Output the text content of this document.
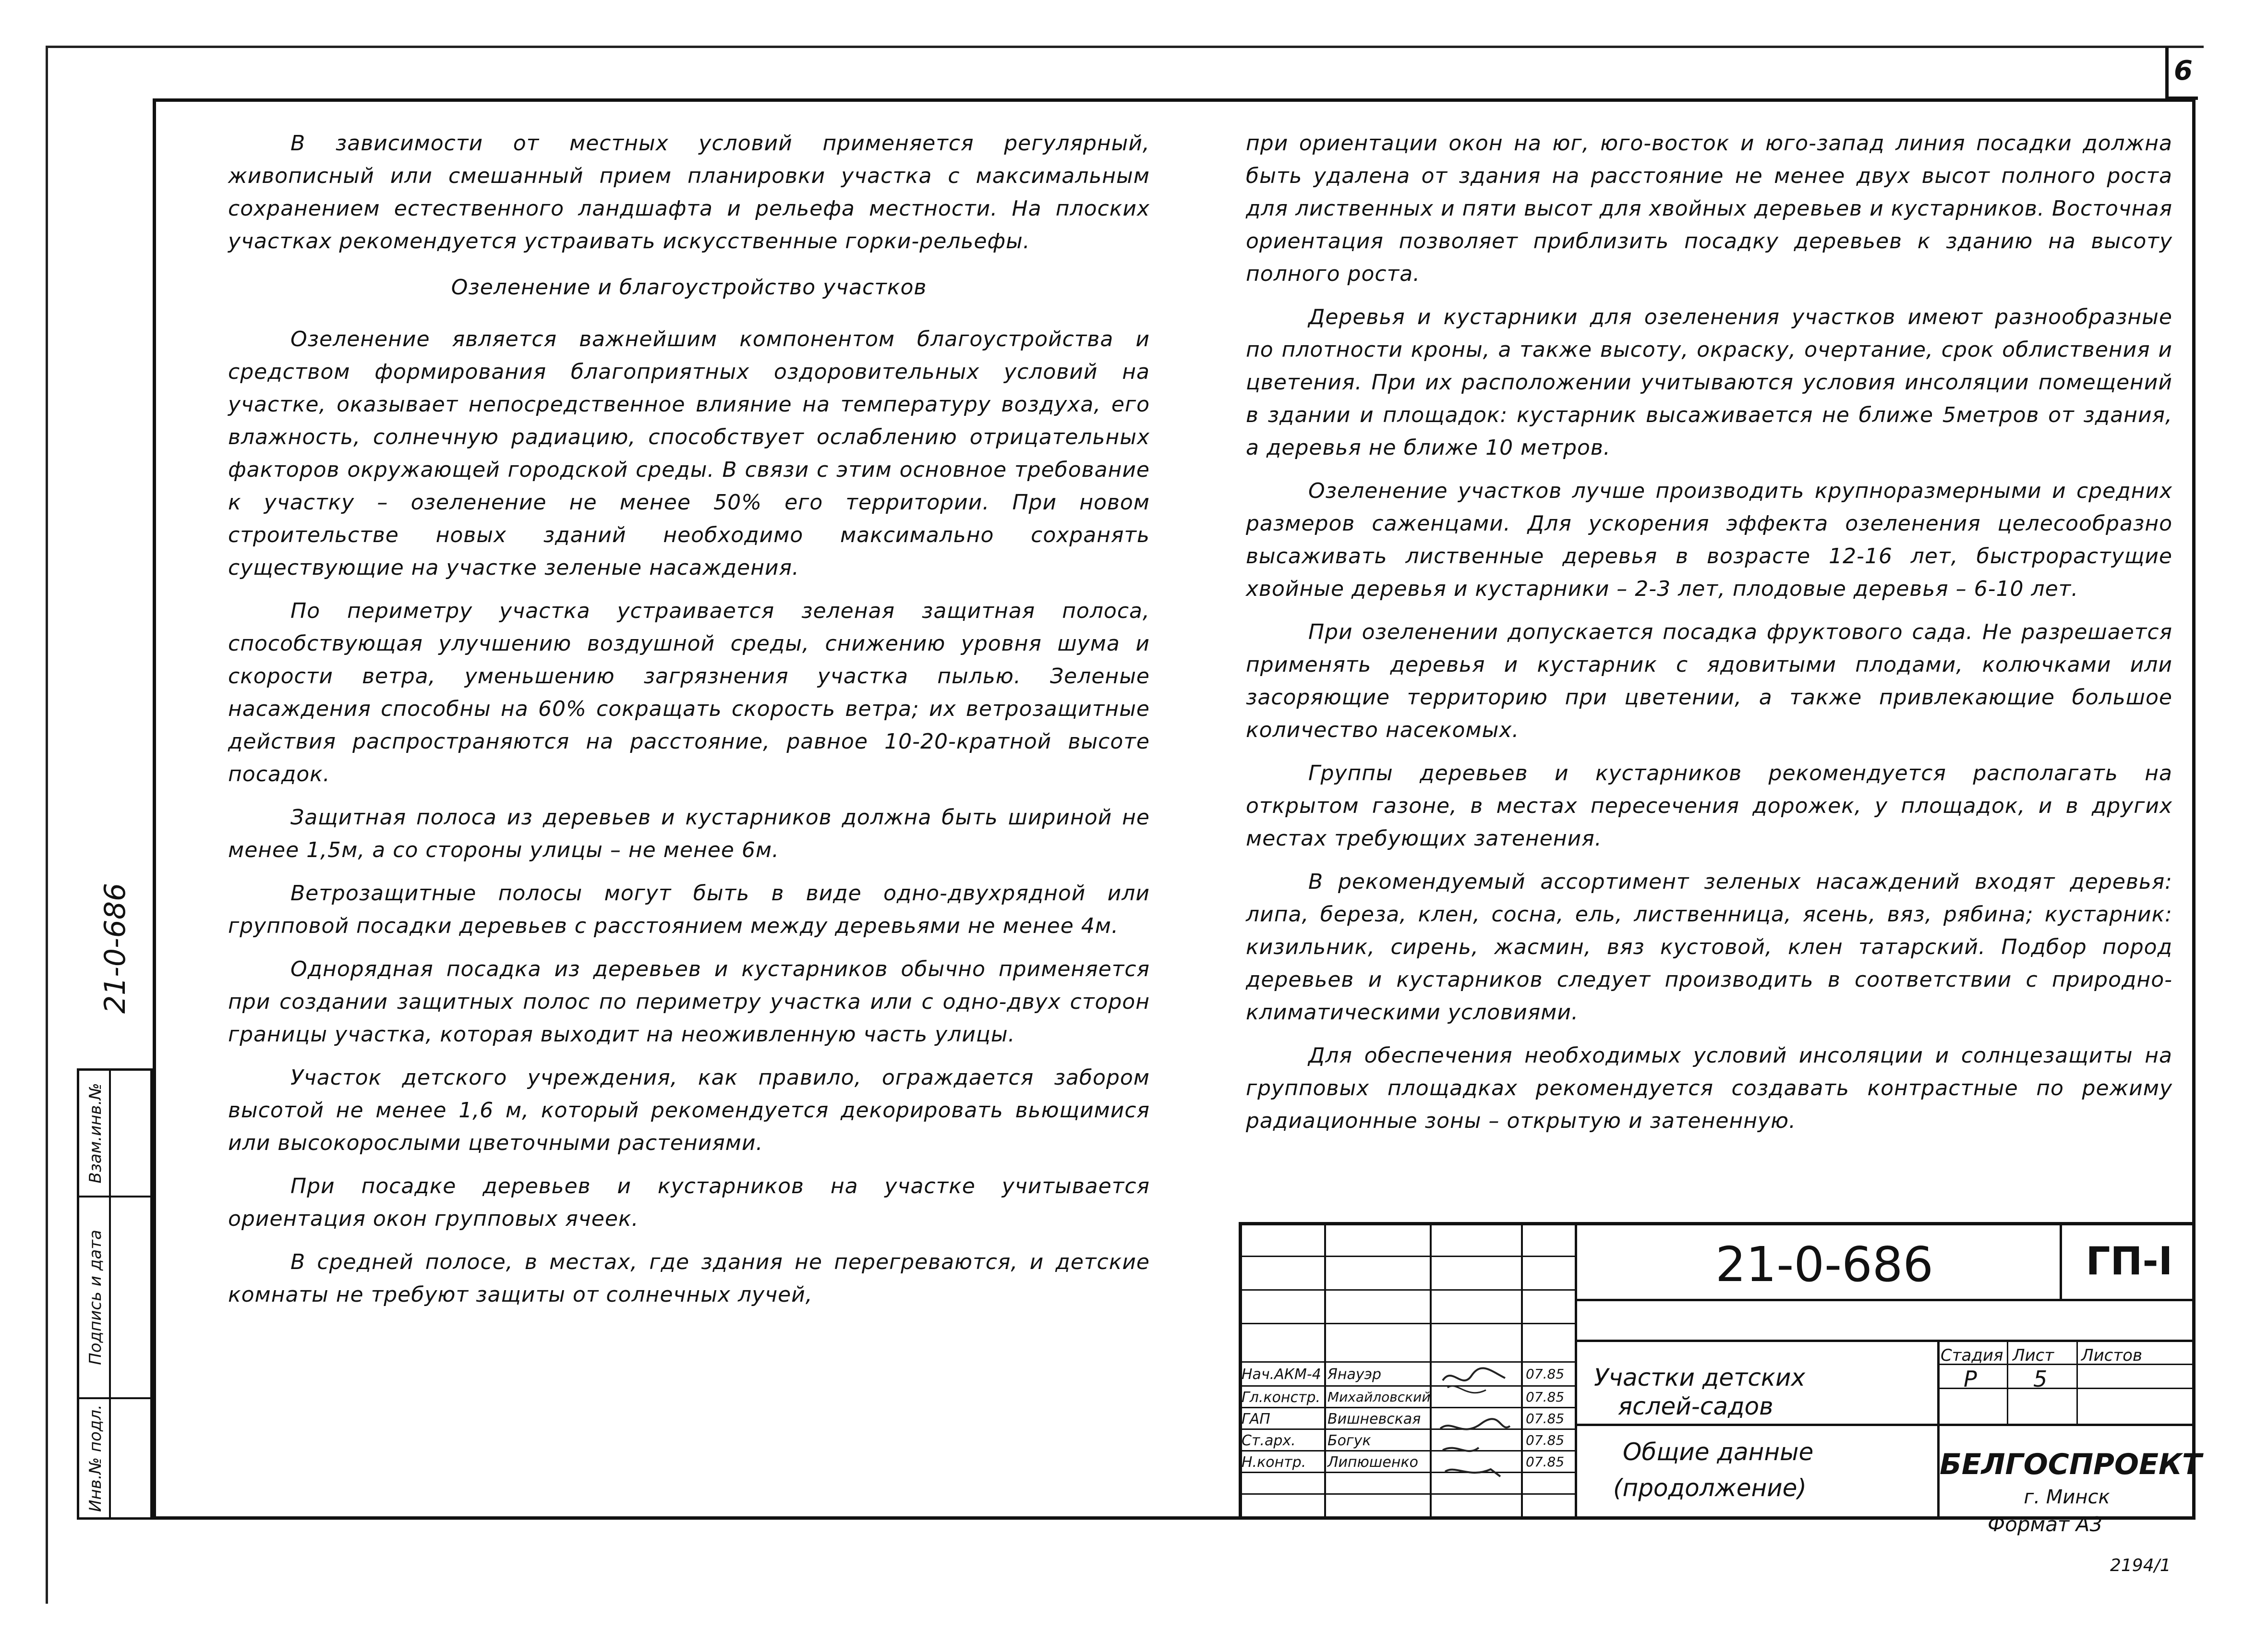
6
21-0-686
Взам.инв.№
Подпись и дата
Инв.№ подл.

В зависимости от местных условий применяется регулярный, живописный или смешанный прием планировки участка с максимальным сохранением естественного ландшафта и рельефа местности. На плоских участках рекомендуется устраивать искусственные горки-рельефы.

Озеленение и благоустройство участков

Озеленение является важнейшим компонентом благоустройства и средством формирования благоприятных оздоровительных условий на участке, оказывает непосредственное влияние на температуру воздуха, его влажность, солнечную радиацию, способствует ослаблению отрицательных факторов окружающей городской среды. В связи с этим основное требование к участку – озеленение не менее 50% его территории. При новом строительстве новых зданий необходимо максимально сохранять существующие на участке зеленые насаждения.

По периметру участка устраивается зеленая защитная полоса, способствующая улучшению воздушной среды, снижению уровня шума и скорости ветра, уменьшению загрязнения участка пылью. Зеленые насаждения способны на 60% сокращать скорость ветра; их ветрозащитные действия распространяются на расстояние, равное 10-20-кратной высоте посадок.

Защитная полоса из деревьев и кустарников должна быть шириной не менее 1,5м, а со стороны улицы – не менее 6м.

Ветрозащитные полосы могут быть в виде одно-двухрядной или групповой посадки деревьев с расстоянием между деревьями не менее 4м.

Однорядная посадка из деревьев и кустарников обычно применяется при создании защитных полос по периметру участка или с одно-двух сторон границы участка, которая выходит на неоживленную часть улицы.

Участок детского учреждения, как правило, ограждается забором высотой не менее 1,6 м, который рекомендуется декорировать вьющимися или высокорослыми цветочными растениями.

При посадке деревьев и кустарников на участке учитывается ориентация окон групповых ячеек.

В средней полосе, в местах, где здания не перегреваются, и детские комнаты не требуют защиты от солнечных лучей,

при ориентации окон на юг, юго-восток и юго-запад линия посадки должна быть удалена от здания на расстояние не менее двух высот полного роста для лиственных и пяти высот для хвойных деревьев и кустарников. Восточная ориентация позволяет приблизить посадку деревьев к зданию на высоту полного роста.

Деревья и кустарники для озеленения участков имеют разнообразные по плотности кроны, а также высоту, окраску, очертание, срок облиствения и цветения. При их расположении учитываются условия инсоляции помещений в здании и площадок: кустарник высаживается не ближе 5метров от здания, а деревья не ближе 10 метров.

Озеленение участков лучше производить крупноразмерными и средних размеров саженцами. Для ускорения эффекта озеленения целесообразно высаживать лиственные деревья в возрасте 12-16 лет, быстрорастущие хвойные деревья и кустарники – 2-3 лет, плодовые деревья – 6-10 лет.

При озеленении допускается посадка фруктового сада. Не разрешается применять деревья и кустарник с ядовитыми плодами, колючками или засоряющие территорию при цветении, а также привлекающие большое количество насекомых.

Группы деревьев и кустарников рекомендуется располагать на открытом газоне, в местах пересечения дорожек, у площадок, и в других местах требующих затенения.

В рекомендуемый ассортимент зеленых насаждений входят деревья: липа, береза, клен, сосна, ель, лиственница, ясень, вяз, рябина; кустарник: кизильник, сирень, жасмин, вяз кустовой, клен татарский. Подбор пород деревьев и кустарников следует производить в соответствии с природно-климатическими условиями.

Для обеспечения необходимых условий инсоляции и солнцезащиты на групповых площадках рекомендуется создавать контрастные по режиму радиационные зоны – открытую и затененную.

21-0-686	ГП-I
Участки детских
яслей-садов
Общие данные
(продолжение)
Стадия Лист Листов
Р	5
БЕЛГОСПРОЕКТ
г. Минск
Нач.АКМ-4 Янауэр	07.85
Гл.констр. Михайловский	07.85
ГАП	Вишневская	07.85
Ст.арх. Богук	07.85
Н.контр. Липюшенко	07.85
Формат А3
2194/1
